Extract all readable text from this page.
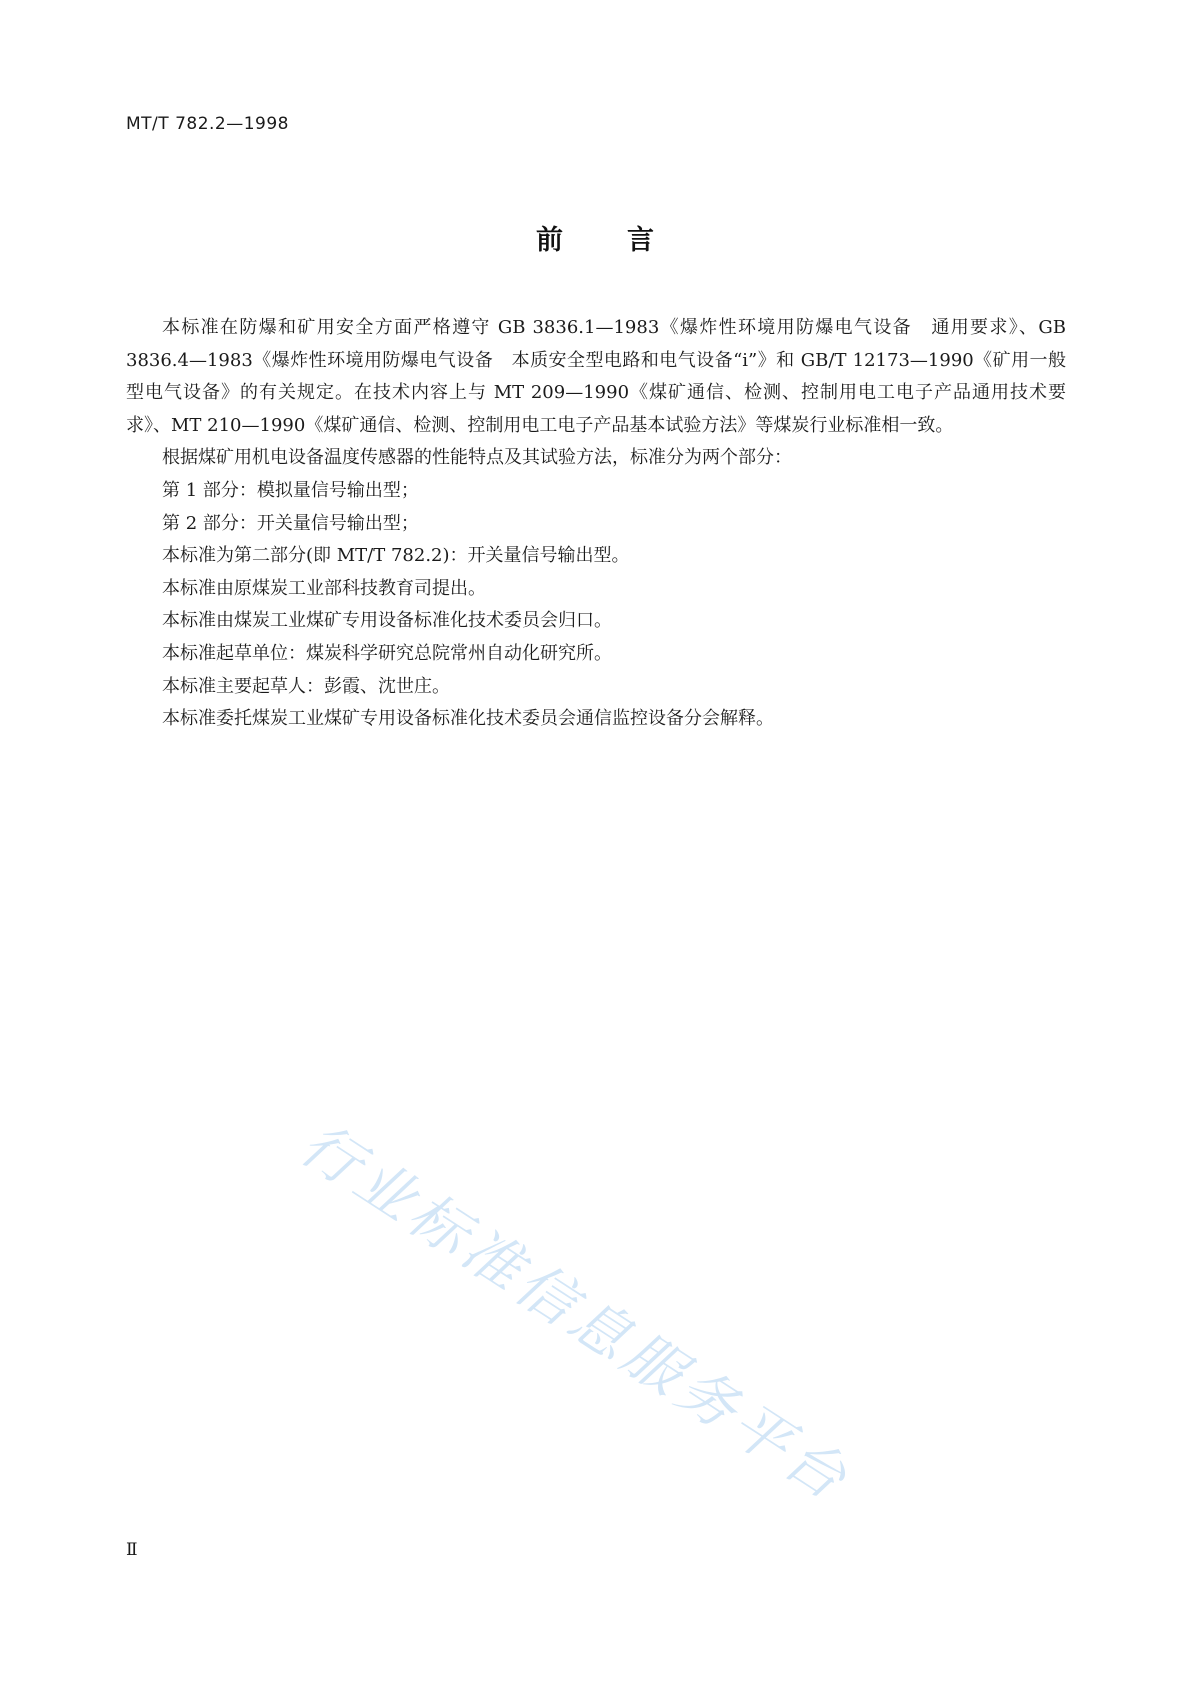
MT/T 782.2—1998
前言

本标准在防爆和矿用安全方面严格遵守 GB 3836.1—1983《爆炸性环境用防爆电气设备　通用要求》、GB 3836.4—1983《爆炸性环境用防爆电气设备　本质安全型电路和电气设备“i”》和 GB/T 12173—1990《矿用一般型电气设备》的有关规定。在技术内容上与 MT 209—1990《煤矿通信、检测、控制用电工电子产品通用技术要求》、MT 210—1990《煤矿通信、检测、控制用电工电子产品基本试验方法》等煤炭行业标准相一致。

根据煤矿用机电设备温度传感器的性能特点及其试验方法，标准分为两个部分：

第 1 部分：模拟量信号输出型；

第 2 部分：开关量信号输出型；

本标准为第二部分(即 MT/T 782.2)：开关量信号输出型。

本标准由原煤炭工业部科技教育司提出。

本标准由煤炭工业煤矿专用设备标准化技术委员会归口。

本标准起草单位：煤炭科学研究总院常州自动化研究所。

本标准主要起草人：彭霞、沈世庄。

本标准委托煤炭工业煤矿专用设备标准化技术委员会通信监控设备分会解释。

行业标准信息服务平台
Ⅱ
